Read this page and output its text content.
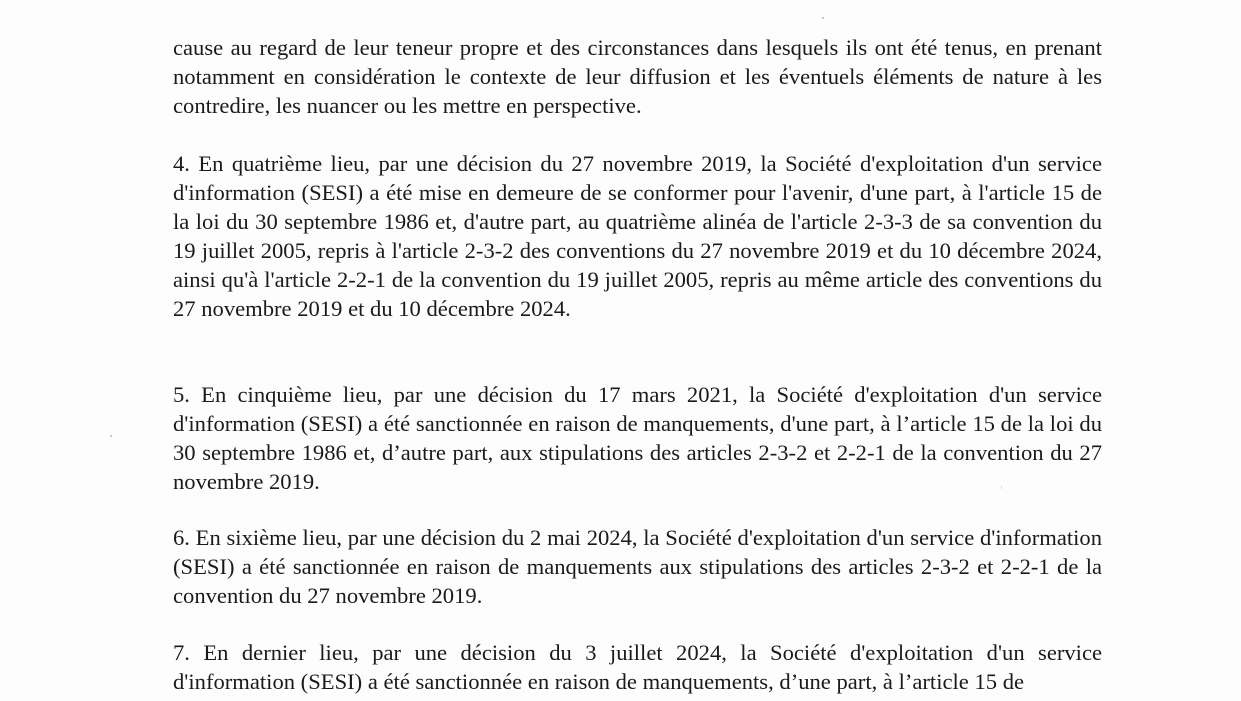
cause au regard de leur teneur propre et des circonstances dans lesquels ils ont été tenus, en prenant notamment en considération le contexte de leur diffusion et les éventuels éléments de nature à les contredire, les nuancer ou les mettre en perspective.

4. En quatrième lieu, par une décision du 27 novembre 2019, la Société d'exploitation d'un service d'information (SESI) a été mise en demeure de se conformer pour l'avenir, d'une part, à l'article 15 de la loi du 30 septembre 1986 et, d'autre part, au quatrième alinéa de l'article 2-3-3 de sa convention du 19 juillet 2005, repris à l'article 2-3-2 des conventions du 27 novembre 2019 et du 10 décembre 2024, ainsi qu'à l'article 2-2-1 de la convention du 19 juillet 2005, repris au même article des conventions du 27 novembre 2019 et du 10 décembre 2024.

5. En cinquième lieu, par une décision du 17 mars 2021, la Société d'exploitation d'un service d'information (SESI) a été sanctionnée en raison de manquements, d'une part, à l’article 15 de la loi du 30 septembre 1986 et, d’autre part, aux stipulations des articles 2-3-2 et 2-2-1 de la convention du 27 novembre 2019.

6. En sixième lieu, par une décision du 2 mai 2024, la Société d'exploitation d'un service d'information (SESI) a été sanctionnée en raison de manquements aux stipulations des articles 2-3-2 et 2-2-1 de la convention du 27 novembre 2019.

7. En dernier lieu, par une décision du 3 juillet 2024, la Société d'exploitation d'un service d'information (SESI) a été sanctionnée en raison de manquements, d’une part, à l’article 15 de
